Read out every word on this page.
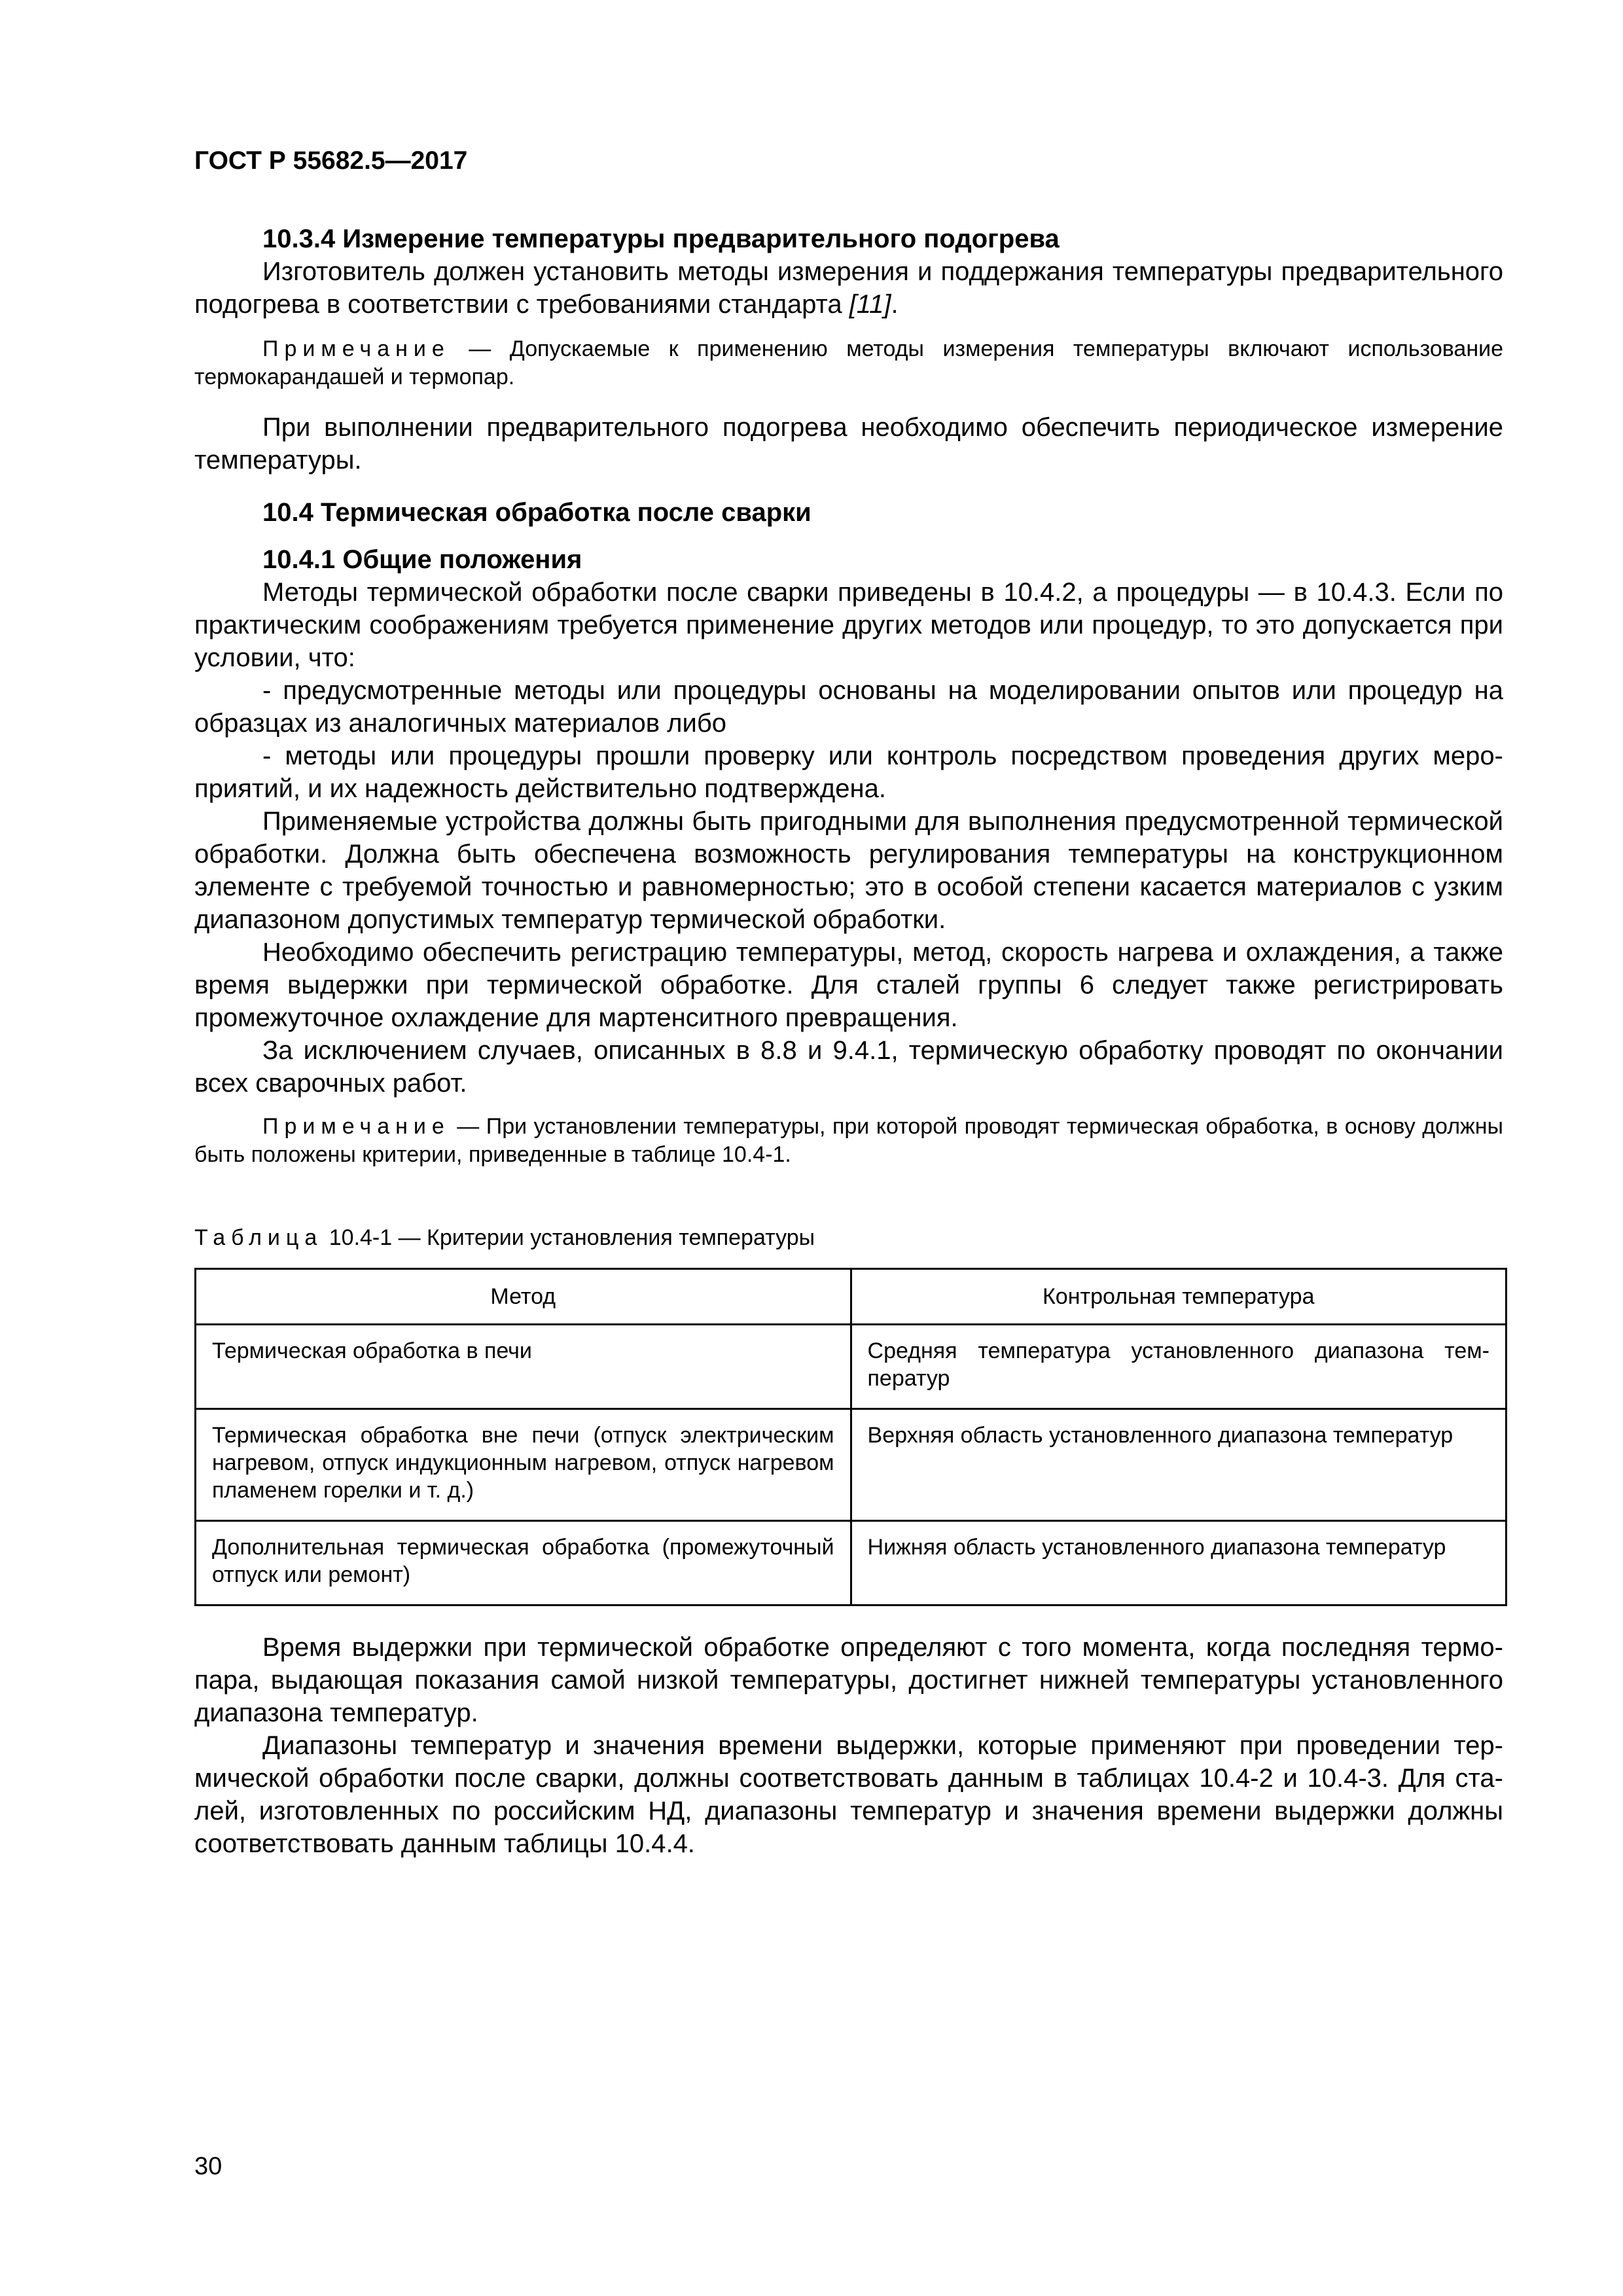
ГОСТ Р 55682.5—2017

10.3.4 Измерение температуры предварительного подогрева

Изготовитель должен установить методы измерения и поддержания температуры предварительного подогрева в соответствии с требованиями стандарта [11].

Примечание — Допускаемые к применению методы измерения температуры включают использование термокарандашей и термопар.

При выполнении предварительного подогрева необходимо обеспечить периодическое измерение температуры.

10.4 Термическая обработка после сварки

10.4.1 Общие положения

Методы термической обработки после сварки приведены в 10.4.2, а процедуры — в 10.4.3. Если по практическим соображениям требуется применение других методов или процедур, то это допускается при условии, что:

- предусмотренные методы или процедуры основаны на моделировании опытов или процедур на образцах из аналогичных материалов либо

- методы или процедуры прошли проверку или контроль посредством проведения других мероприятий, и их надежность действительно подтверждена.

Применяемые устройства должны быть пригодными для выполнения предусмотренной термической обработки. Должна быть обеспечена возможность регулирования температуры на конструкционном элементе с требуемой точностью и равномерностью; это в особой степени касается материалов с узким диапазоном допустимых температур термической обработки.

Необходимо обеспечить регистрацию температуры, метод, скорость нагрева и охлаждения, а также время выдержки при термической обработке. Для сталей группы 6 следует также регистрировать промежуточное охлаждение для мартенситного превращения.

За исключением случаев, описанных в 8.8 и 9.4.1, термическую обработку проводят по окончании всех сварочных работ.

Примечание — При установлении температуры, при которой проводят термическая обработка, в основу должны быть положены критерии, приведенные в таблице 10.4-1.

Таблица 10.4-1 — Критерии установления температуры

Метод	Контрольная температура
Термическая обработка в печи	Средняя температура установленного диапазона температур
Термическая обработка вне печи (отпуск электрическим нагревом, отпуск индукционным нагревом, отпуск нагревом пламенем горелки и т. д.)	Верхняя область установленного диапазона температур
Дополнительная термическая обработка (промежуточный отпуск или ремонт)	Нижняя область установленного диапазона температур

Время выдержки при термической обработке определяют с того момента, когда последняя термопара, выдающая показания самой низкой температуры, достигнет нижней температуры установленного диапазона температур.

Диапазоны температур и значения времени выдержки, которые применяют при проведении термической обработки после сварки, должны соответствовать данным в таблицах 10.4-2 и 10.4-3. Для сталей, изготовленных по российским НД, диапазоны температур и значения времени выдержки должны соответствовать данным таблицы 10.4.4.

30
